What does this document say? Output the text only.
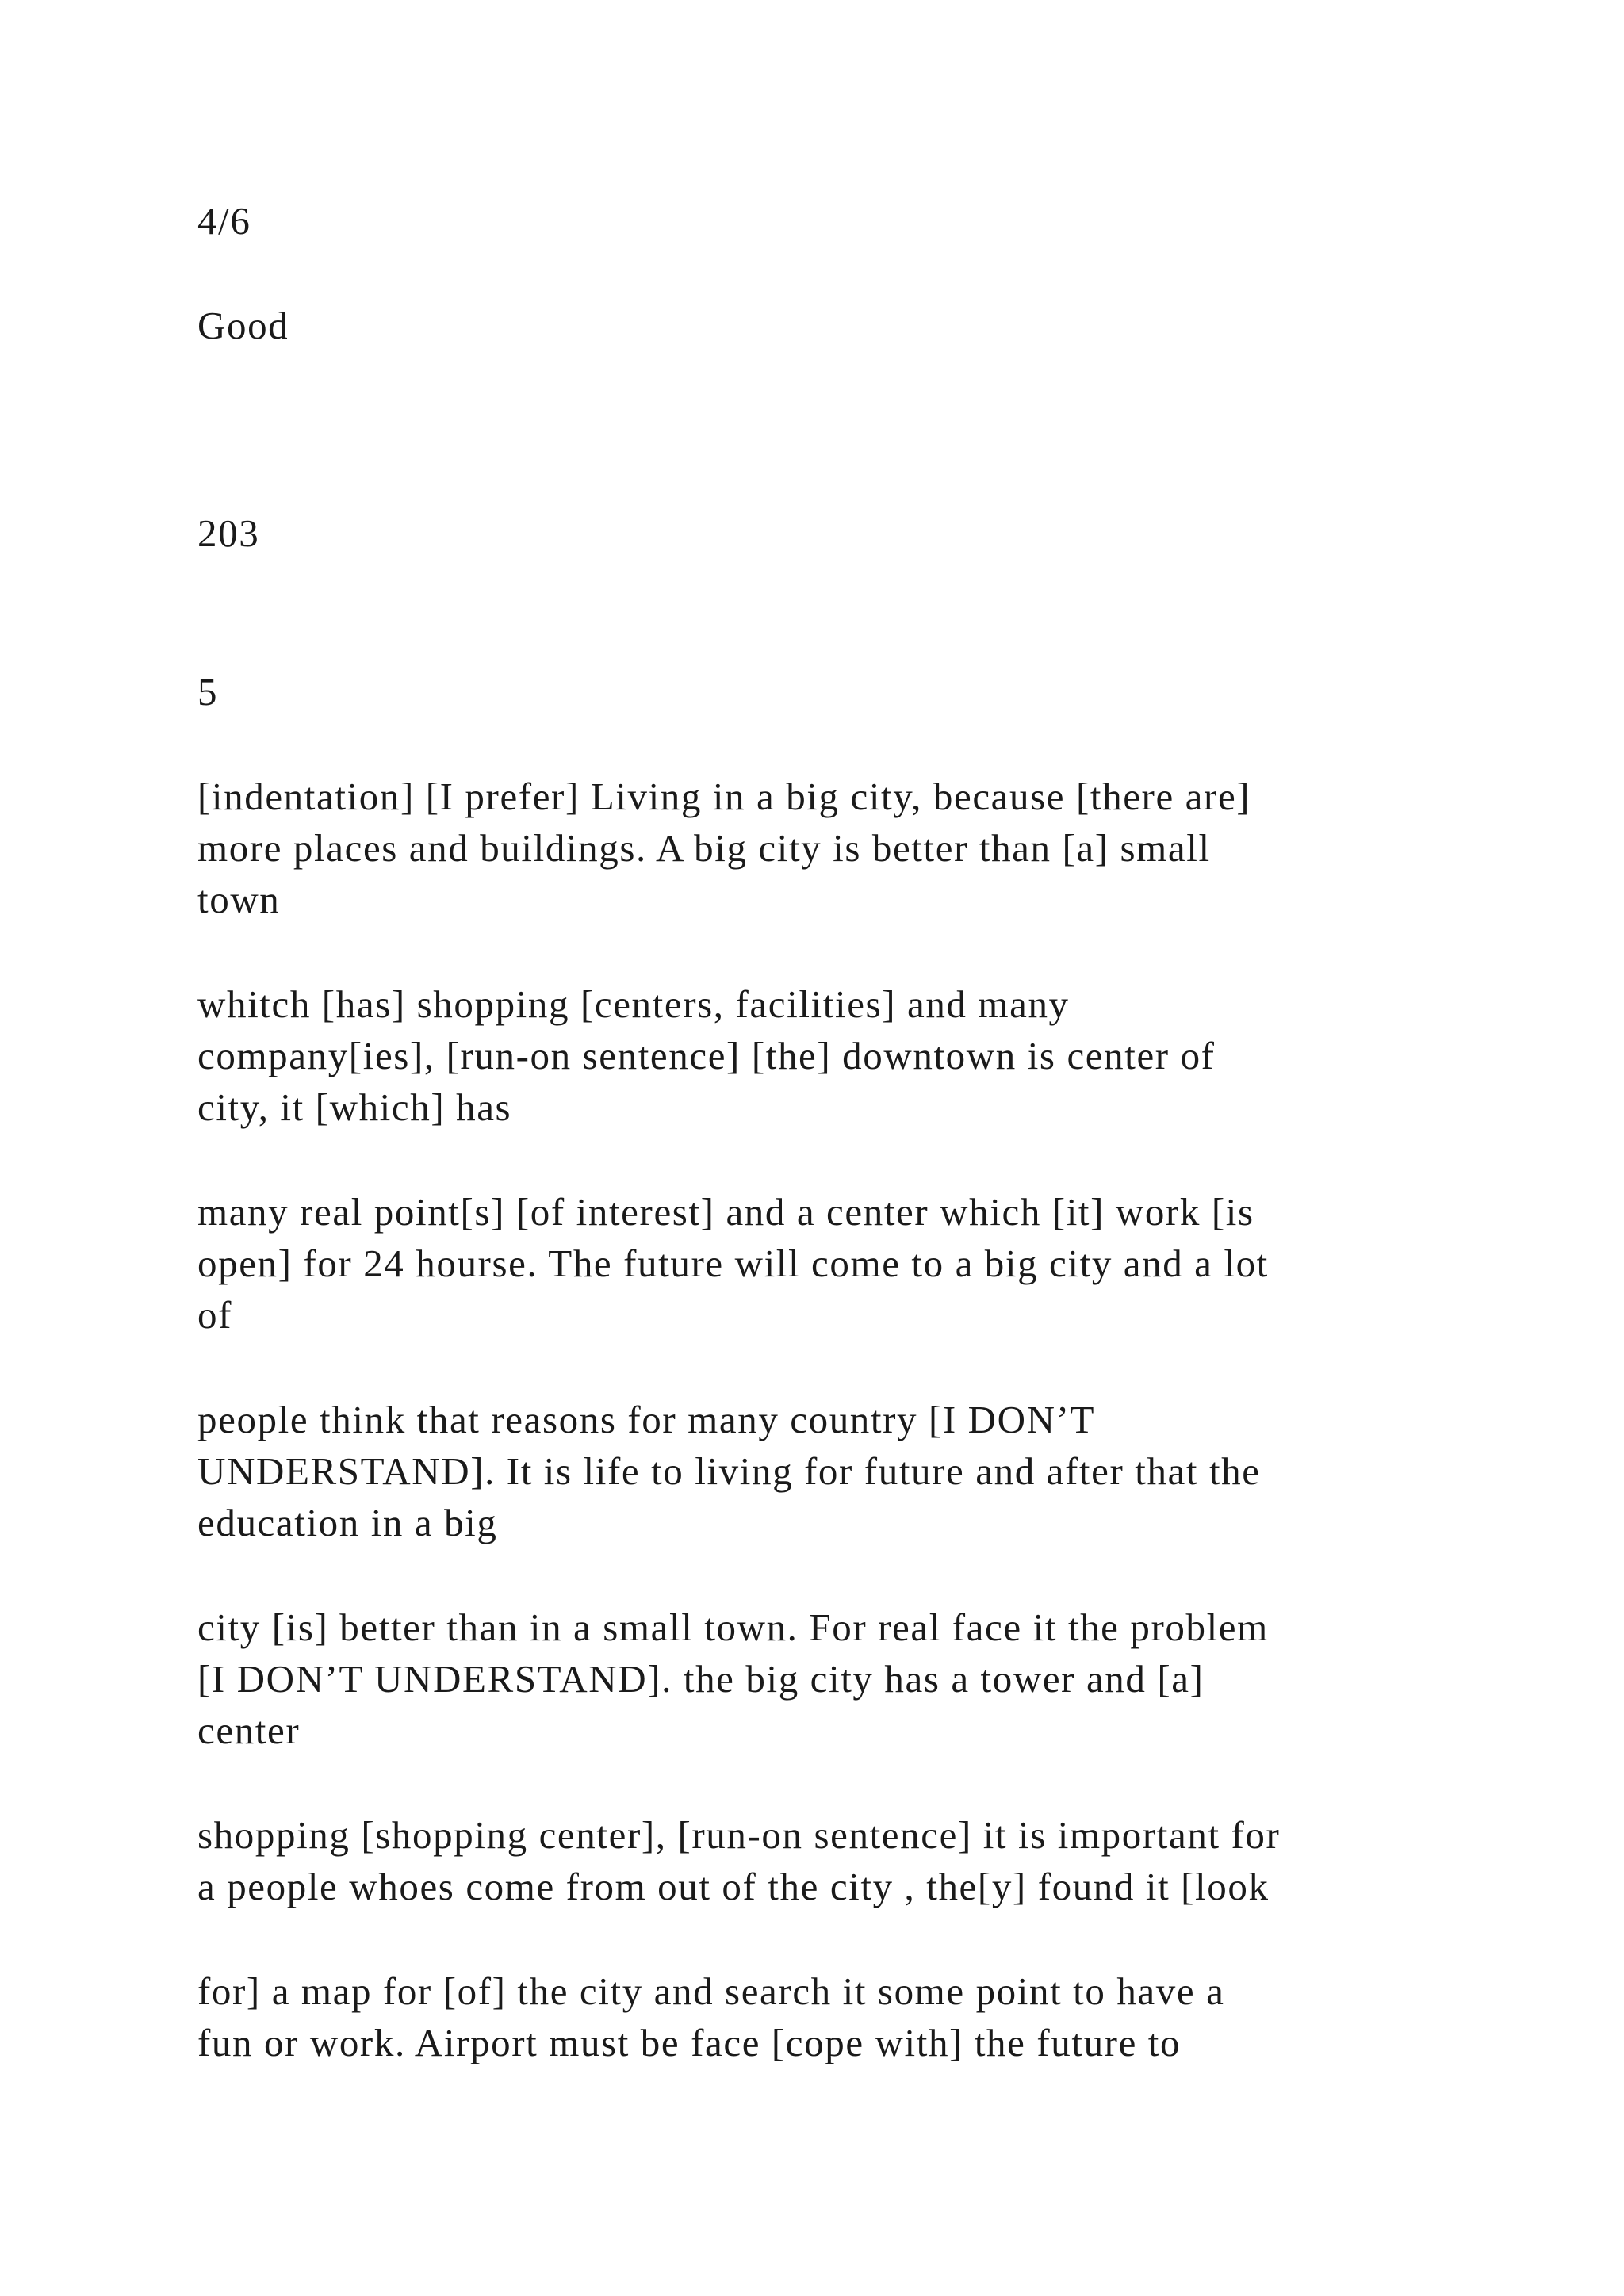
4/6

Good

203

5

[indentation] [I prefer] Living in a big city, because [there are]

more places and buildings. A big city is better than [a] small

town

whitch [has] shopping [centers, facilities] and many

company[ies], [run-on sentence] [the] downtown is center of

city, it [which] has

many real point[s] [of interest] and a center which [it] work [is

open] for 24 hourse. The future will come to a big city and a lot

of

people think that reasons for many country [I DON’T

UNDERSTAND]. It is life to living for future and after that the

education in a big

city [is] better than in a small town. For real face it the problem

[I DON’T UNDERSTAND]. the big city has a tower and [a]

center

shopping [shopping center], [run-on sentence] it is important for

a people whoes come from out of the city , the[y] found it [look

for] a map for [of] the city and search it some point to have a

fun or work. Airport must be face [cope with] the future to
